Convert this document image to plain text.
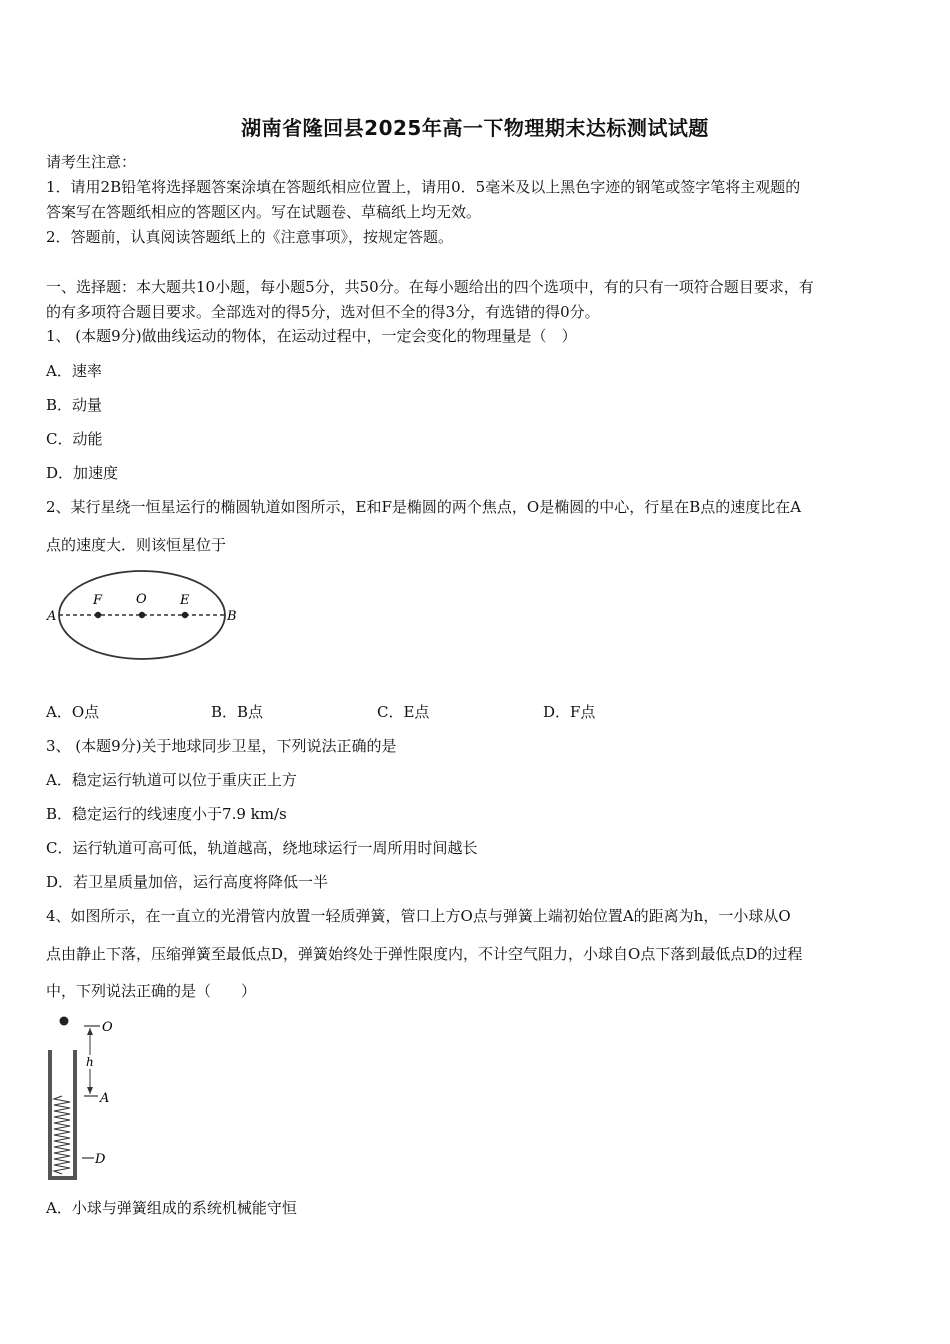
湖南省隆回县2025年高一下物理期末达标测试试题
请考生注意：
1．请用2B铅笔将选择题答案涂填在答题纸相应位置上，请用0．5毫米及以上黑色字迹的钢笔或签字笔将主观题的
答案写在答题纸相应的答题区内。写在试题卷、草稿纸上均无效。
2．答题前，认真阅读答题纸上的《注意事项》，按规定答题。
一、选择题：本大题共10小题，每小题5分，共50分。在每小题给出的四个选项中，有的只有一项符合题目要求，有
的有多项符合题目要求。全部选对的得5分，选对但不全的得3分，有选错的得0分。
1、 (本题9分)做曲线运动的物体，在运动过程中，一定会变化的物理量是（　）
A．速率
B．动量
C．动能
D．加速度
2、某行星绕一恒星运行的椭圆轨道如图所示，E和F是椭圆的两个焦点，O是椭圆的中心，行星在B点的速度比在A
点的速度大．则该恒星位于
A
F	O	E
B
A．O点	B．B点	C．E点	D．F点
3、 (本题9分)关于地球同步卫星，下列说法正确的是
A．稳定运行轨道可以位于重庆正上方
B．稳定运行的线速度小于7.9 km/s
C．运行轨道可高可低，轨道越高，绕地球运行一周所用时间越长
D．若卫星质量加倍，运行高度将降低一半
4、如图所示，在一直立的光滑管内放置一轻质弹簧，管口上方O点与弹簧上端初始位置A的距离为h，一小球从O
点由静止下落，压缩弹簧至最低点D，弹簧始终处于弹性限度内，不计空气阻力，小球自O点下落到最低点D的过程
中，下列说法正确的是（　　）
O
h
A
D
A．小球与弹簧组成的系统机械能守恒
